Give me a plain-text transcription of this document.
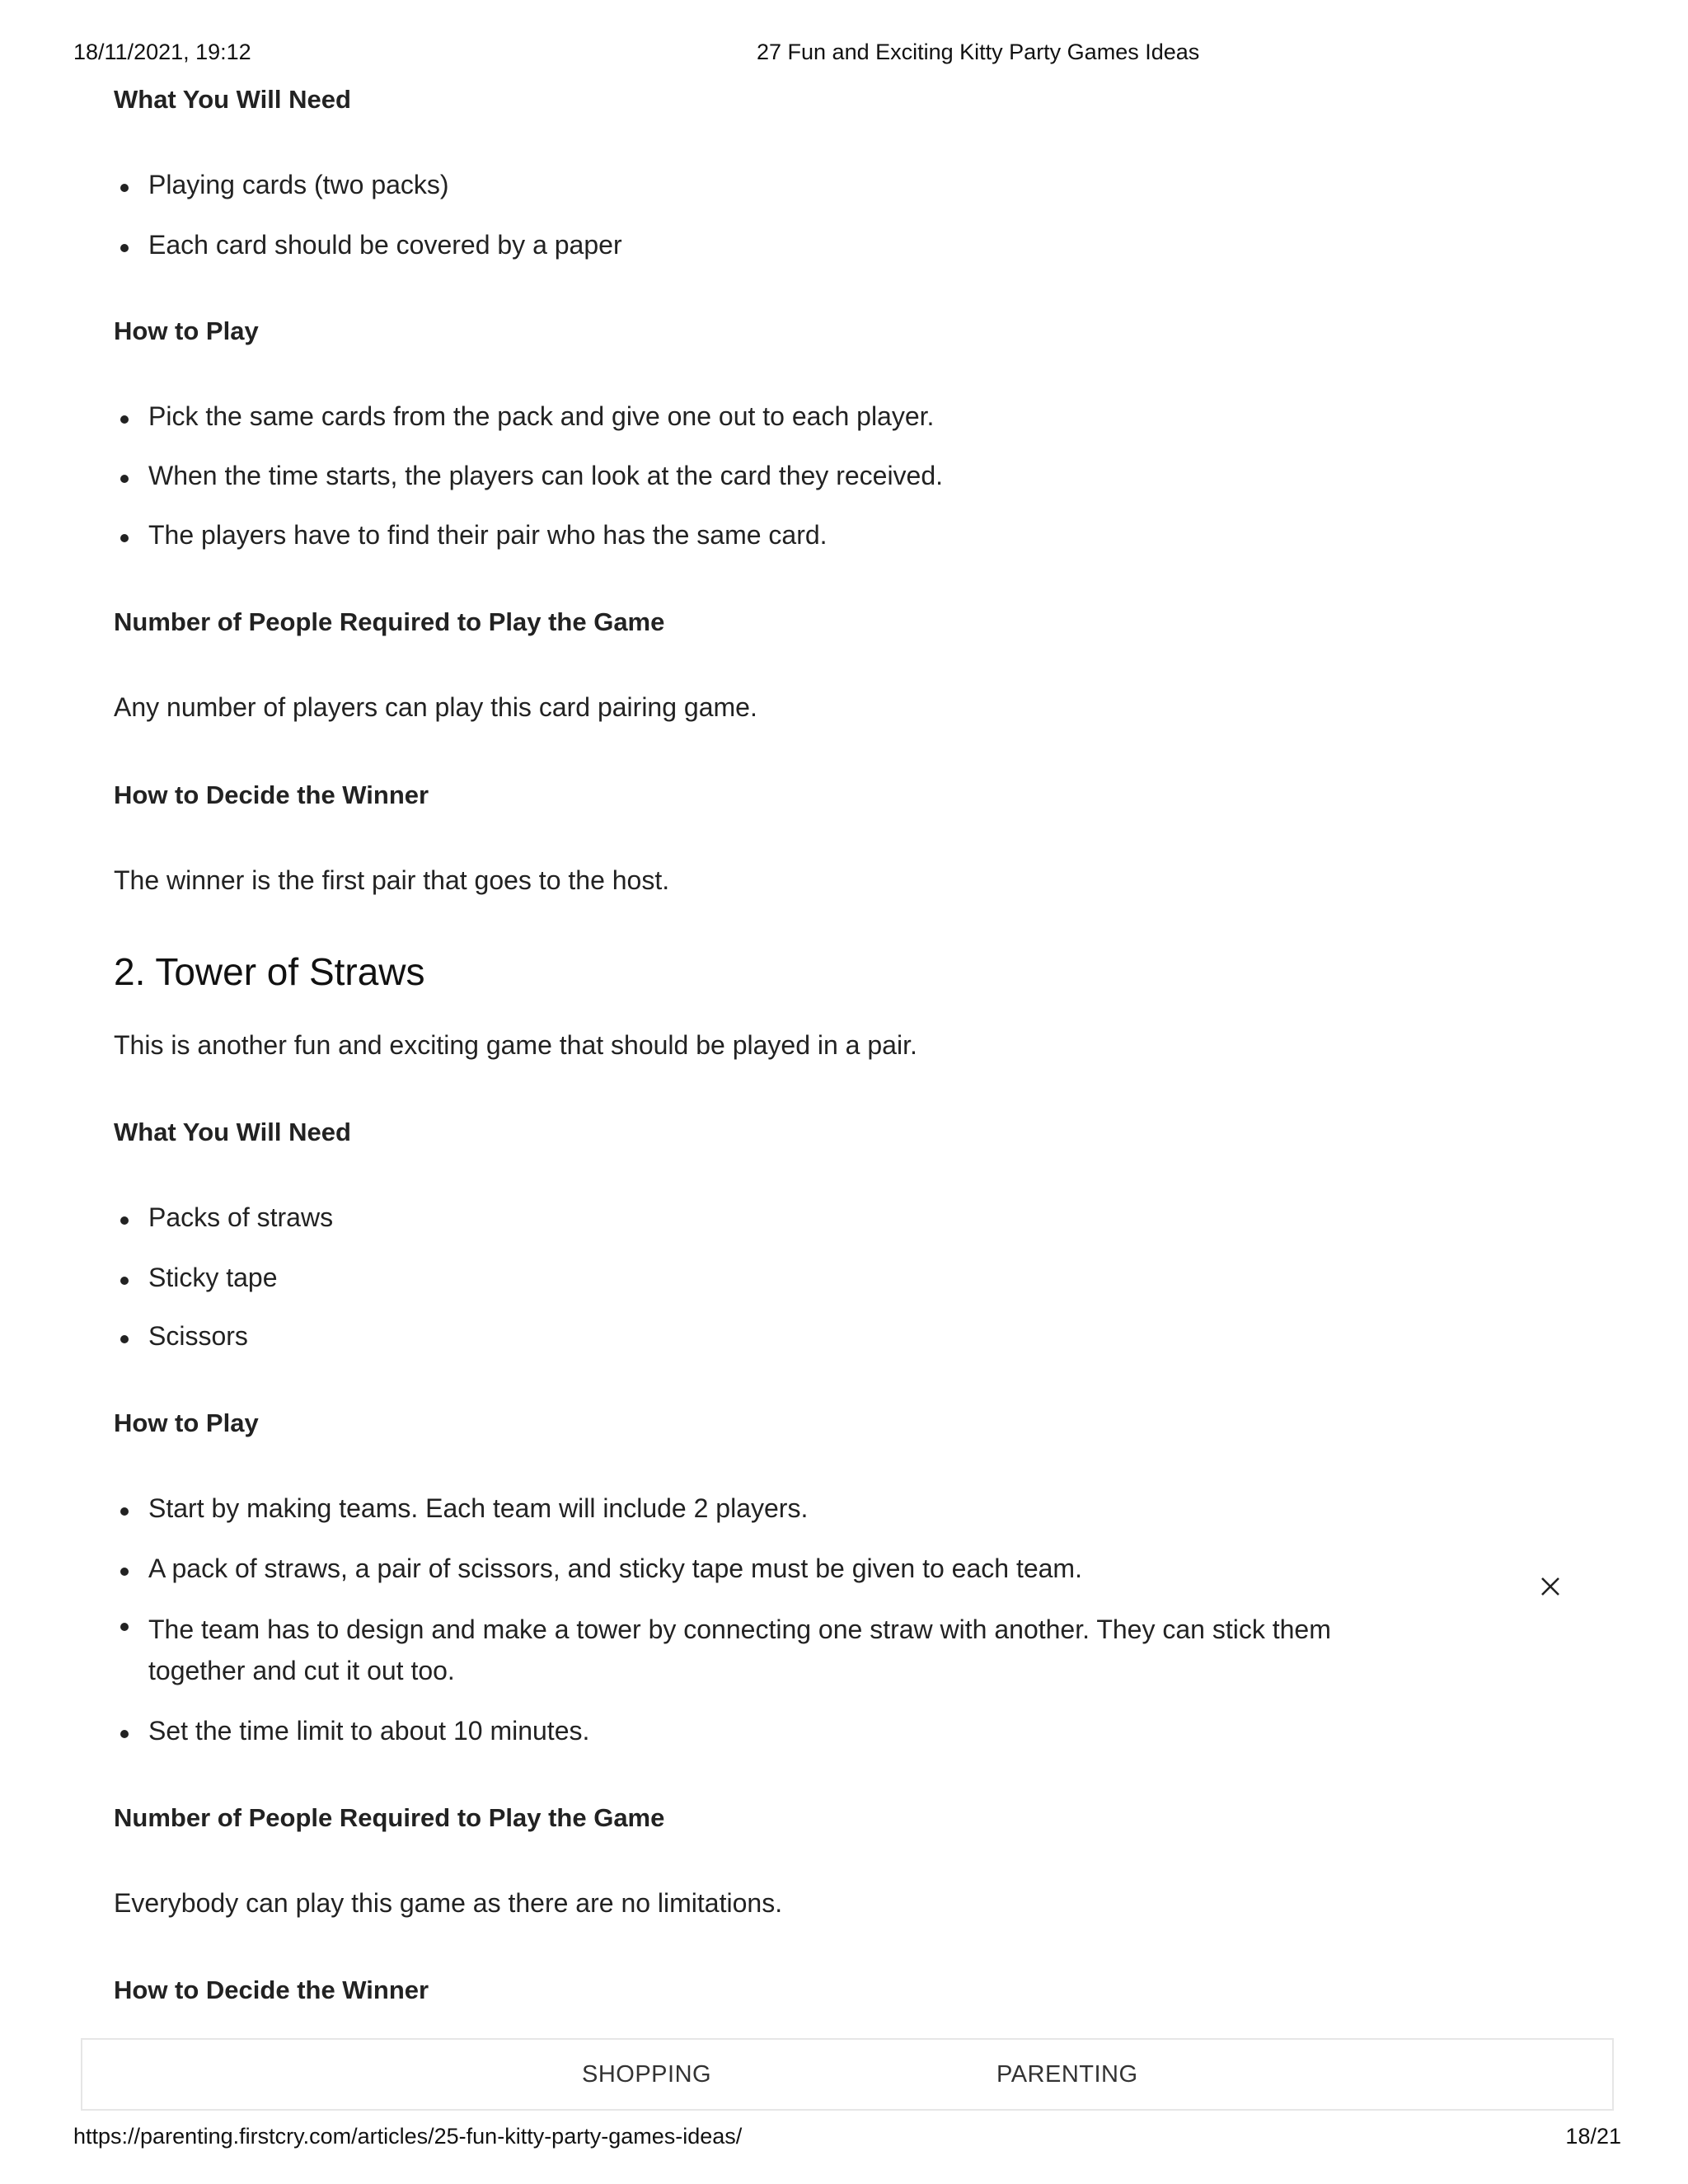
18/11/2021, 19:12	27 Fun and Exciting Kitty Party Games Ideas
What You Will Need
Playing cards (two packs)
Each card should be covered by a paper
How to Play
Pick the same cards from the pack and give one out to each player.
When the time starts, the players can look at the card they received.
The players have to find their pair who has the same card.
Number of People Required to Play the Game
Any number of players can play this card pairing game.
How to Decide the Winner
The winner is the first pair that goes to the host.
2. Tower of Straws
This is another fun and exciting game that should be played in a pair.
What You Will Need
Packs of straws
Sticky tape
Scissors
How to Play
Start by making teams. Each team will include 2 players.
A pack of straws, a pair of scissors, and sticky tape must be given to each team.
The team has to design and make a tower by connecting one straw with another. They can stick them together and cut it out too.
Set the time limit to about 10 minutes.
Number of People Required to Play the Game
Everybody can play this game as there are no limitations.
How to Decide the Winner
SHOPPING	PARENTING
https://parenting.firstcry.com/articles/25-fun-kitty-party-games-ideas/	18/21
